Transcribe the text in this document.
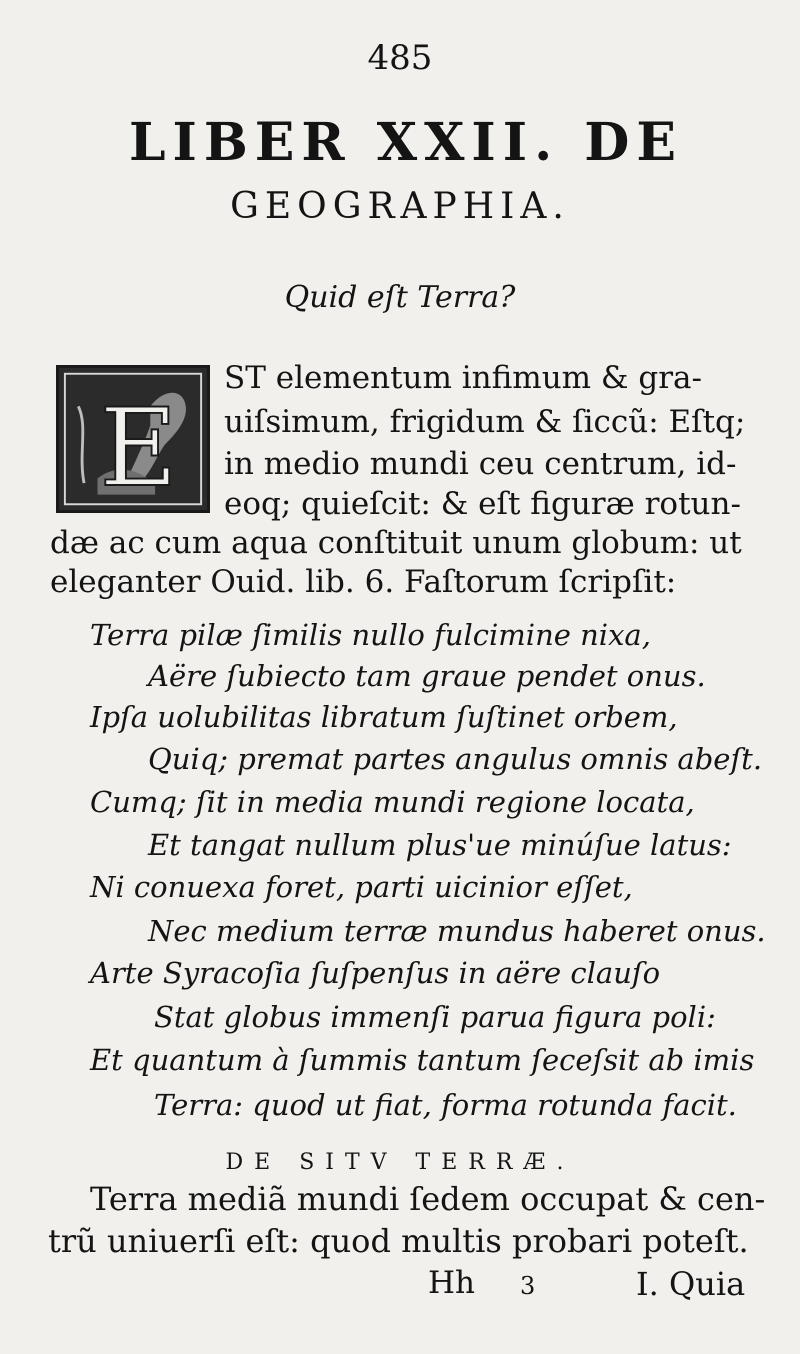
485
LIBER XXII. DE
GEOGRAPHIA.
Quid eſt Terra?
E
ST elementum infimum & gra-
uiſsimum, frigidum & ſiccũ: Eſtq;
in medio mundi ceu centrum, id-
eoq; quieſcit: & eſt figuræ rotun-
dæ ac cum aqua conſtituit unum globum: ut
eleganter Ouid. lib. 6. Faſtorum ſcripſit:
Terra pilæ ſimilis nullo fulcimine nixa,
Aëre ſubiecto tam graue pendet onus.
Ipſa uolubilitas libratum ſuſtinet orbem,
Quiq; premat partes angulus omnis abeſt.
Cumq; ſit in media mundi regione locata,
Et tangat nullum plus'ue minúſue latus:
Ni conuexa foret, parti uicinior eſſet,
Nec medium terræ mundus haberet onus.
Arte Syracoſia ſuſpenſus in aëre clauſo
Stat globus immenſi parua figura poli:
Et quantum à ſummis tantum ſeceſsit ab imis
Terra: quod ut fiat, forma rotunda facit.
DE SITV TERRÆ.
Terra mediã mundi ſedem occupat & cen-
trũ uniuerſi eſt: quod multis probari poteſt.
Hh 3	I. Quia
